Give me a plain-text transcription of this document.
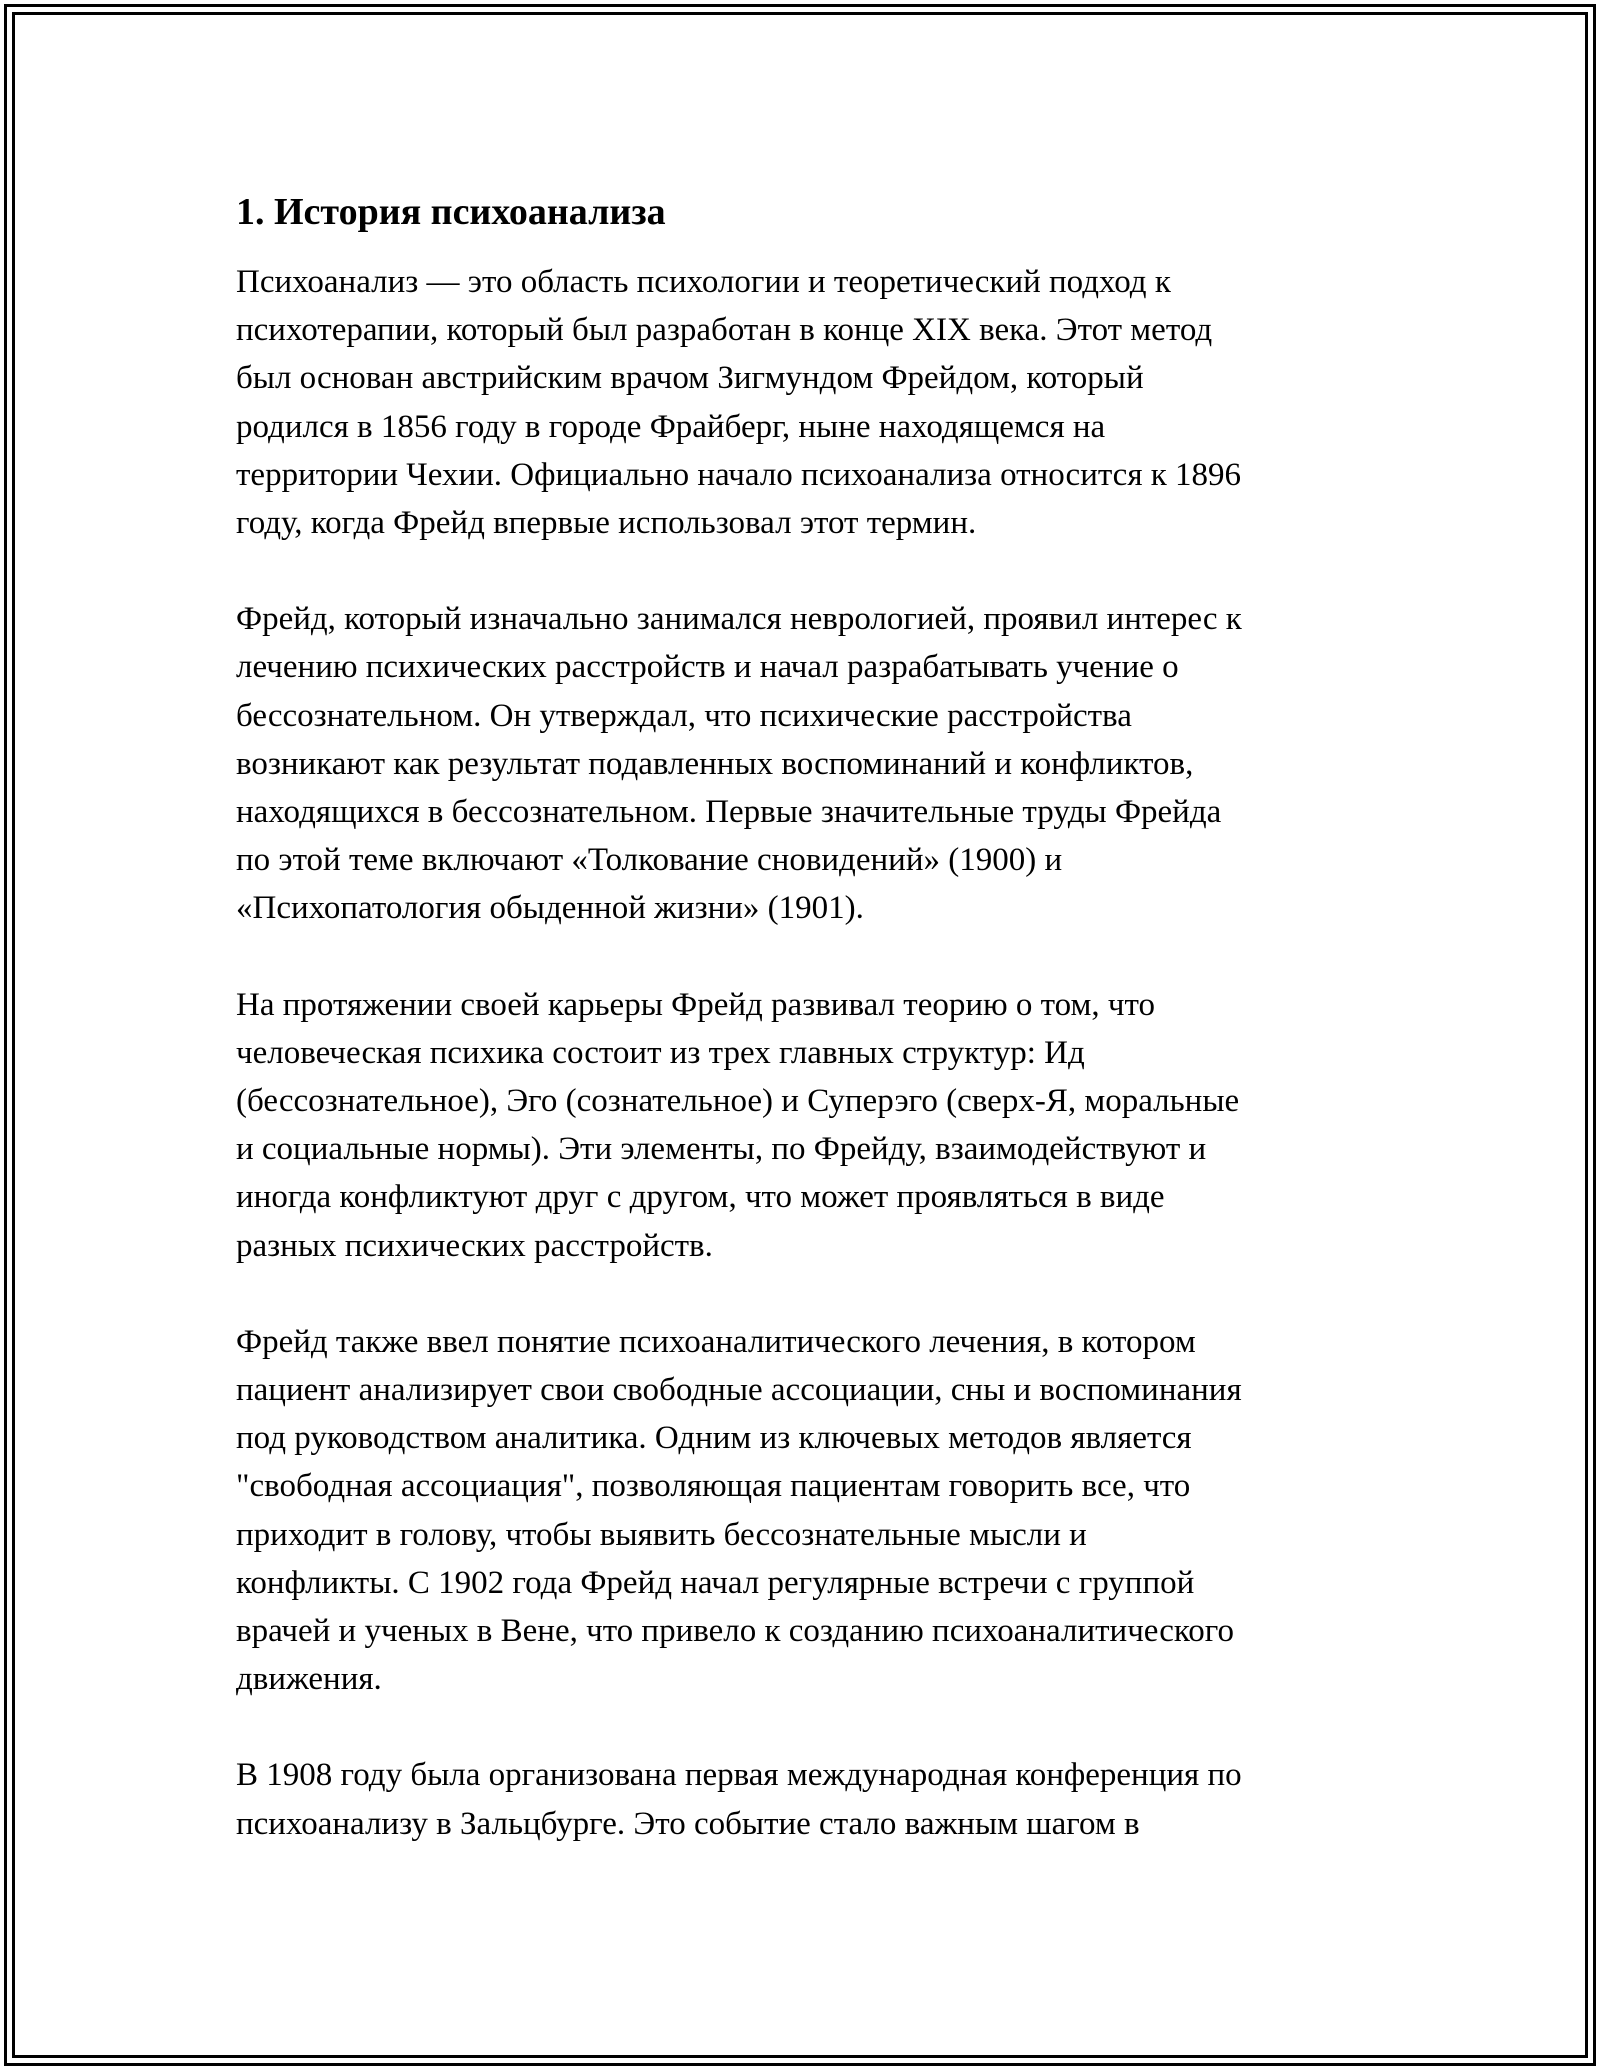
1. История психоанализа

Психоанализ — это область психологии и теоретический подход к
психотерапии, который был разработан в конце XIX века. Этот метод
был основан австрийским врачом Зигмундом Фрейдом, который
родился в 1856 году в городе Фрайберг, ныне находящемся на
территории Чехии. Официально начало психоанализа относится к 1896
году, когда Фрейд впервые использовал этот термин.

Фрейд, который изначально занимался неврологией, проявил интерес к
лечению психических расстройств и начал разрабатывать учение о
бессознательном. Он утверждал, что психические расстройства
возникают как результат подавленных воспоминаний и конфликтов,
находящихся в бессознательном. Первые значительные труды Фрейда
по этой теме включают «Толкование сновидений» (1900) и
«Психопатология обыденной жизни» (1901).

На протяжении своей карьеры Фрейд развивал теорию о том, что
человеческая психика состоит из трех главных структур: Ид
(бессознательное), Эго (сознательное) и Суперэго (сверх-Я, моральные
и социальные нормы). Эти элементы, по Фрейду, взаимодействуют и
иногда конфликтуют друг с другом, что может проявляться в виде
разных психических расстройств.

Фрейд также ввел понятие психоаналитического лечения, в котором
пациент анализирует свои свободные ассоциации, сны и воспоминания
под руководством аналитика. Одним из ключевых методов является
"свободная ассоциация", позволяющая пациентам говорить все, что
приходит в голову, чтобы выявить бессознательные мысли и
конфликты. С 1902 года Фрейд начал регулярные встречи с группой
врачей и ученых в Вене, что привело к созданию психоаналитического
движения.

В 1908 году была организована первая международная конференция по
психоанализу в Зальцбурге. Это событие стало важным шагом в
